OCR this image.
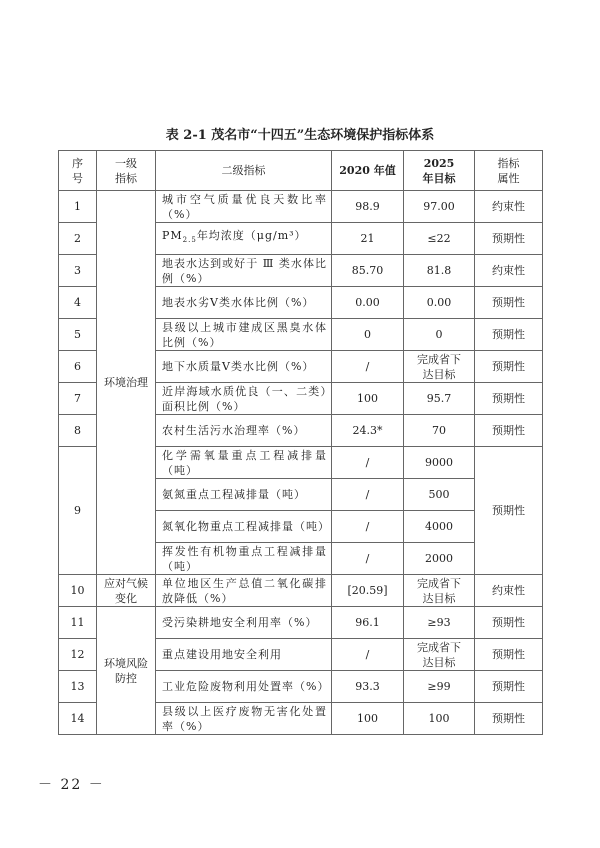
表 2-1 茂名市“十四五”生态环境保护指标体系
序号	一级指标	二级指标	2020 年值	2025 年目标	指标属性
1	环境治理	城市空气质量优良天数比率（%）	98.9	97.00	约束性
2		$PM_{2.5}$年均浓度（μg/m³）	21	≤22	预期性
3		地表水达到或好于 Ⅲ 类水体比例（%）	85.70	81.8	约束性
4		地表水劣Ⅴ类水体比例（%）	0.00	0.00	预期性
5		县级以上城市建成区黑臭水体比例（%）	0	0	预期性
6		地下水质量Ⅴ类水比例（%）	/	完成省下达目标	预期性
7		近岸海域水质优良（一、二类）面积比例（%）	100	95.7	预期性
8		农村生活污水治理率（%）	24.3*	70	预期性
9		化学需氧量重点工程减排量（吨）	/	9000	预期性
		氨氮重点工程减排量（吨）	/	500	
		氮氧化物重点工程减排量（吨）	/	4000	
		挥发性有机物重点工程减排量（吨）	/	2000	
10	应对气候变化	单位地区生产总值二氧化碳排放降低（%）	[20.59]	完成省下达目标	约束性
11	环境风险防控	受污染耕地安全利用率（%）	96.1	≥93	预期性
12		重点建设用地安全利用	/	完成省下达目标	预期性
13		工业危险废物利用处置率（%）	93.3	≥99	预期性
14		县级以上医疗废物无害化处置率（%）	100	100	预期性
－ 22 －
